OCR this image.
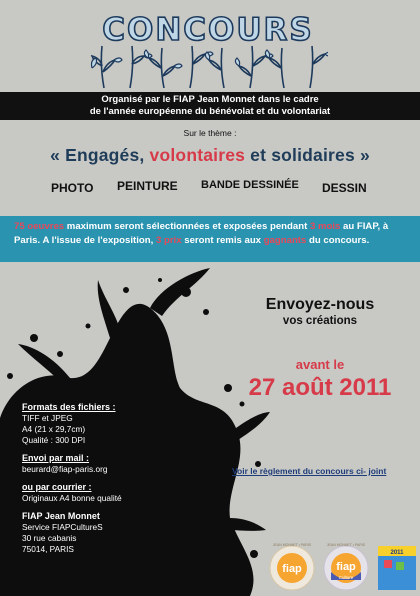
CONCOURS
Organisé par le FIAP Jean Monnet dans le cadre
de l'année européenne du bénévolat et du volontariat
Sur le thème :
« Engagés, volontaires et solidaires »
PHOTO PEINTURE BANDE DESSINÉE DESSIN
75 oeuvres maximum seront sélectionnées et exposées pendant 3 mois au FIAP, à Paris. A l'issue de l'exposition, 3 prix seront remis aux gagnants du concours.
Envoyez-nous
vos créations
avant le
27 août 2011
Voir le règlement du concours ci- joint
Formats des fichiers :
TIFF et JPEG
A4 (21 x 29,7cm)
Qualité : 300 DPI
Envoi par mail :
beurard@fiap-paris.org
ou par courrier :
Originaux A4 bonne qualité
FIAP Jean Monnet
Service FIAPCultureS
30 rue cabanis
75014, PARIS
fiap
JEAN MONNET • PARIS
fiap
Culture
JEAN MONNET • PARIS
2011
